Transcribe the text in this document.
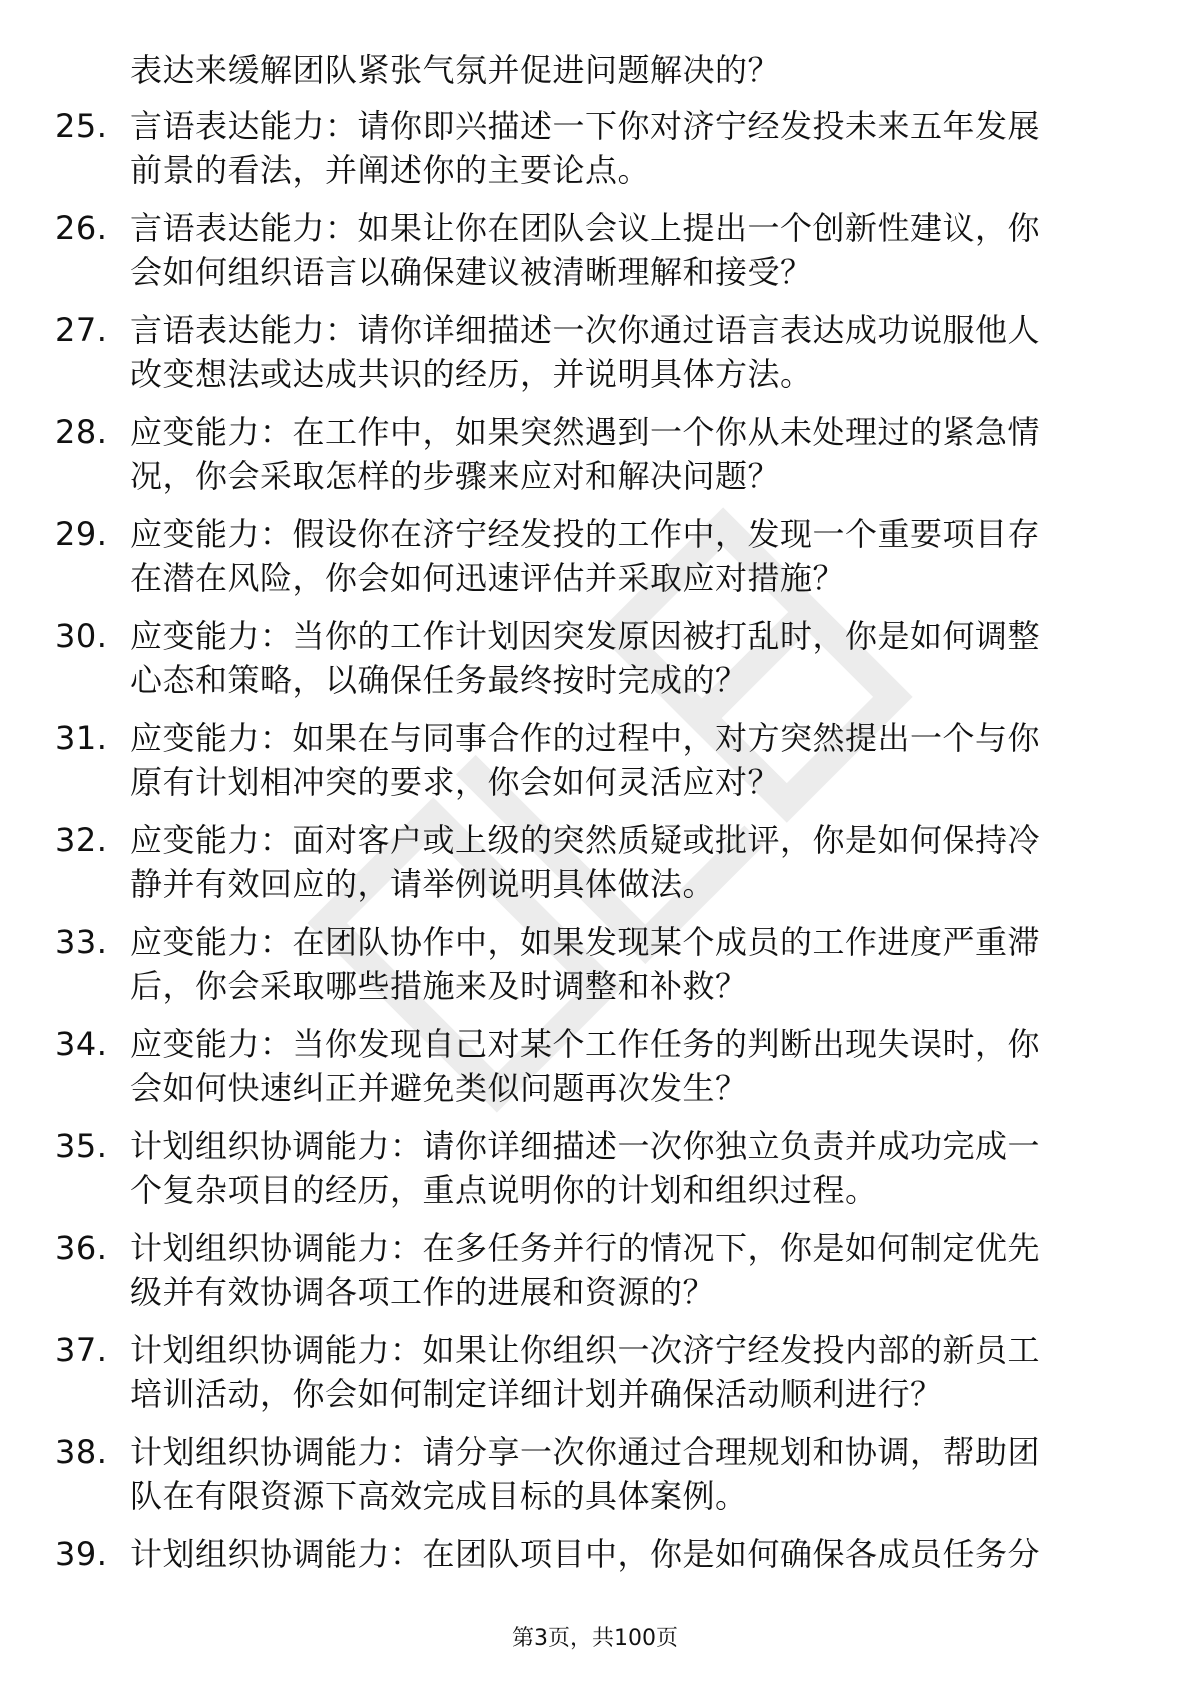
表达来缓解团队紧张气氛并促进问题解决的？

25. 言语表达能力：请你即兴描述一下你对济宁经发投未来五年发展
前景的看法，并阐述你的主要论点。
26. 言语表达能力：如果让你在团队会议上提出一个创新性建议，你
会如何组织语言以确保建议被清晰理解和接受？
27. 言语表达能力：请你详细描述一次你通过语言表达成功说服他人
改变想法或达成共识的经历，并说明具体方法。
28. 应变能力：在工作中，如果突然遇到一个你从未处理过的紧急情
况，你会采取怎样的步骤来应对和解决问题？
29. 应变能力：假设你在济宁经发投的工作中，发现一个重要项目存
在潜在风险，你会如何迅速评估并采取应对措施？
30. 应变能力：当你的工作计划因突发原因被打乱时，你是如何调整
心态和策略，以确保任务最终按时完成的？
31. 应变能力：如果在与同事合作的过程中，对方突然提出一个与你
原有计划相冲突的要求，你会如何灵活应对？
32. 应变能力：面对客户或上级的突然质疑或批评，你是如何保持冷
静并有效回应的，请举例说明具体做法。
33. 应变能力：在团队协作中，如果发现某个成员的工作进度严重滞
后，你会采取哪些措施来及时调整和补救？
34. 应变能力：当你发现自己对某个工作任务的判断出现失误时，你
会如何快速纠正并避免类似问题再次发生？
35. 计划组织协调能力：请你详细描述一次你独立负责并成功完成一
个复杂项目的经历，重点说明你的计划和组织过程。
36. 计划组织协调能力：在多任务并行的情况下，你是如何制定优先
级并有效协调各项工作的进展和资源的？
37. 计划组织协调能力：如果让你组织一次济宁经发投内部的新员工
培训活动，你会如何制定详细计划并确保活动顺利进行？
38. 计划组织协调能力：请分享一次你通过合理规划和协调，帮助团
队在有限资源下高效完成目标的具体案例。
39. 计划组织协调能力：在团队项目中，你是如何确保各成员任务分
第3页，共100页
